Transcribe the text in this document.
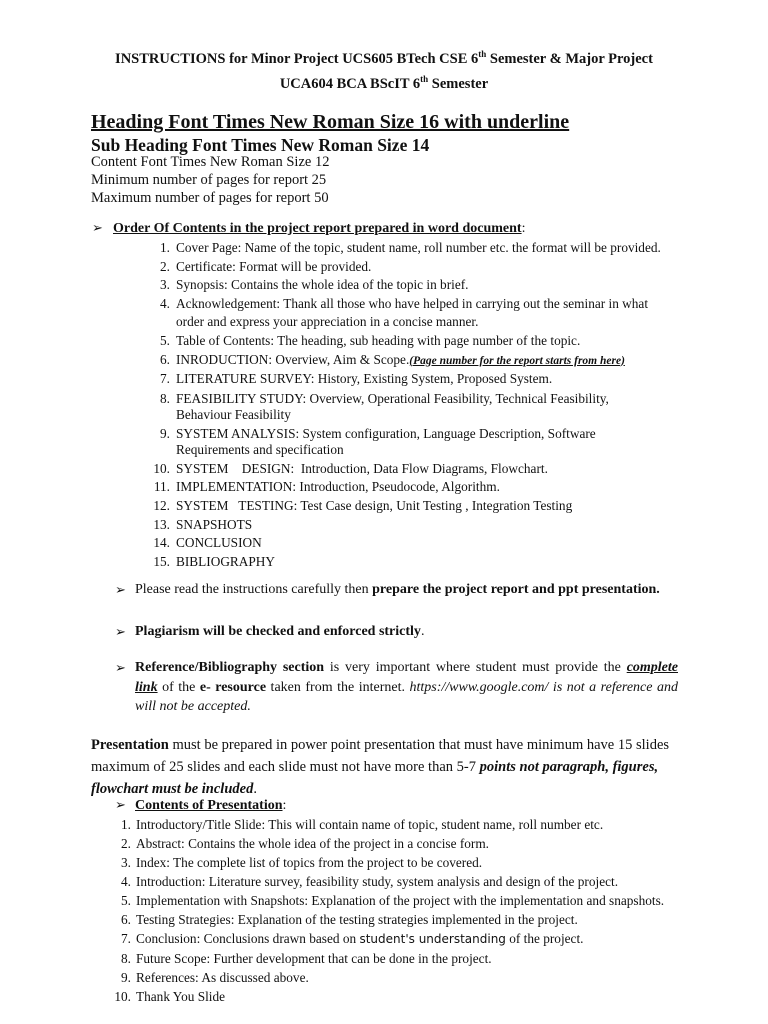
INSTRUCTIONS for Minor Project UCS605 BTech CSE 6th Semester & Major Project
UCA604 BCA BScIT 6th Semester
Heading Font Times New Roman Size 16 with underline
Sub Heading Font Times New Roman Size 14
Content Font Times New Roman Size 12
Minimum number of pages for report 25
Maximum number of pages for report 50
➢ Order Of Contents in the project report prepared in word document:
1. Cover Page: Name of the topic, student name, roll number etc. the format will be provided.
2. Certificate: Format will be provided.
3. Synopsis: Contains the whole idea of the topic in brief.
4. Acknowledgement: Thank all those who have helped in carrying out the seminar in what
order and express your appreciation in a concise manner.
5. Table of Contents: The heading, sub heading with page number of the topic.
6. INRODUCTION: Overview, Aim & Scope.(Page number for the report starts from here)
7. LITERATURE SURVEY: History, Existing System, Proposed System.
8. FEASIBILITY STUDY: Overview, Operational Feasibility, Technical Feasibility,
Behaviour Feasibility
9. SYSTEM ANALYSIS: System configuration, Language Description, Software
Requirements and specification
10. SYSTEM    DESIGN:  Introduction, Data Flow Diagrams, Flowchart.
11. IMPLEMENTATION: Introduction, Pseudocode, Algorithm.
12. SYSTEM   TESTING: Test Case design, Unit Testing , Integration Testing
13. SNAPSHOTS
14. CONCLUSION
15. BIBLIOGRAPHY
➢ Please read the instructions carefully then prepare the project report and ppt presentation.
➢ Plagiarism will be checked and enforced strictly.
➢ Reference/Bibliography section is very important where student must provide the complete link of the e- resource taken from the internet. https://www.google.com/ is not a reference and will not be accepted.
Presentation must be prepared in power point presentation that must have minimum have 15 slides maximum of 25 slides and each slide must not have more than 5-7 points not paragraph, figures, flowchart must be included.
➢ Contents of Presentation:
1. Introductory/Title Slide: This will contain name of topic, student name, roll number etc.
2. Abstract: Contains the whole idea of the project in a concise form.
3. Index: The complete list of topics from the project to be covered.
4. Introduction: Literature survey, feasibility study, system analysis and design of the project.
5. Implementation with Snapshots: Explanation of the project with the implementation and snapshots.
6. Testing Strategies: Explanation of the testing strategies implemented in the project.
7. Conclusion: Conclusions drawn based on student's understanding of the project.
8. Future Scope: Further development that can be done in the project.
9. References: As discussed above.
10. Thank You Slide
